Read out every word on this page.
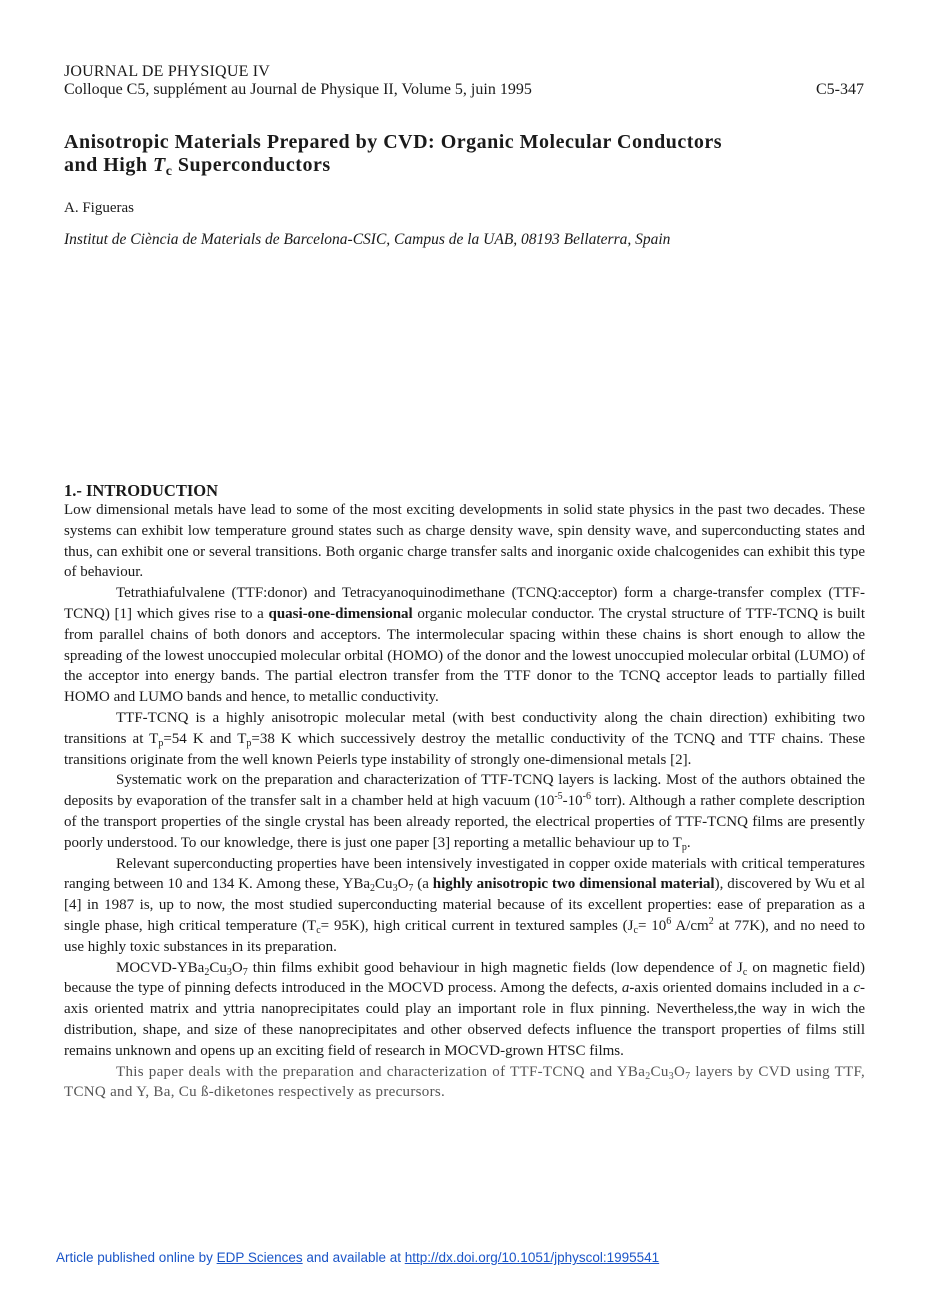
JOURNAL DE PHYSIQUE IV
Colloque C5, supplément au Journal de Physique II, Volume 5, juin 1995	C5-347
Anisotropic Materials Prepared by CVD: Organic Molecular Conductors
and High $T_c$ Superconductors
A. Figueras
Institut de Ciència de Materials de Barcelona-CSIC, Campus de la UAB, 08193 Bellaterra, Spain
1.- INTRODUCTION

Low dimensional metals have lead to some of the most exciting developments in solid state physics in the past two decades. These systems can exhibit low temperature ground states such as charge density wave, spin density wave, and superconducting states and thus, can exhibit one or several transitions. Both organic charge transfer salts and inorganic oxide chalcogenides can exhibit this type of behaviour.

Tetrathiafulvalene (TTF:donor) and Tetracyanoquinodimethane (TCNQ:acceptor) form a charge-transfer complex (TTF-TCNQ) [1] which gives rise to a quasi-one-dimensional organic molecular conductor. The crystal structure of TTF-TCNQ is built from parallel chains of both donors and acceptors. The intermolecular spacing within these chains is short enough to allow the spreading of the lowest unoccupied molecular orbital (HOMO) of the donor and the lowest unoccupied molecular orbital (LUMO) of the acceptor into energy bands. The partial electron transfer from the TTF donor to the TCNQ acceptor leads to partially filled HOMO and LUMO bands and hence, to metallic conductivity.

TTF-TCNQ is a highly anisotropic molecular metal (with best conductivity along the chain direction) exhibiting two transitions at $T_p=54$ K and $T_p=38$ K which successively destroy the metallic conductivity of the TCNQ and TTF chains. These transitions originate from the well known Peierls type instability of strongly one-dimensional metals [2].

Systematic work on the preparation and characterization of TTF-TCNQ layers is lacking. Most of the authors obtained the deposits by evaporation of the transfer salt in a chamber held at high vacuum ($10^{-5}-10^{-6}$ torr). Although a rather complete description of the transport properties of the single crystal has been already reported, the electrical properties of TTF-TCNQ films are presently poorly understood. To our knowledge, there is just one paper [3] reporting a metallic behaviour up to $T_p$.

Relevant superconducting properties have been intensively investigated in copper oxide materials with critical temperatures ranging between 10 and 134 K. Among these, $YBa_2Cu_3O_7$ (a highly anisotropic two dimensional material), discovered by Wu et al [4] in 1987 is, up to now, the most studied superconducting material because of its excellent properties: ease of preparation as a single phase, high critical temperature $(T_c= 95K)$, high critical current in textured samples ($J_c= 10^6$ $A/cm^2$ at 77K), and no need to use highly toxic substances in its preparation.

MOCVD-$YBa_2Cu_3O_7$ thin films exhibit good behaviour in high magnetic fields (low dependence of $J_c$ on magnetic field) because the type of pinning defects introduced in the MOCVD process. Among the defects, a-axis oriented domains included in a c-axis oriented matrix and yttria nanoprecipitates could play an important role in flux pinning. Nevertheless,the way in wich the distribution, shape, and size of these nanoprecipitates and other observed defects influence the transport properties of films still remains unknown and opens up an exciting field of research in MOCVD-grown HTSC films.

This paper deals with the preparation and characterization of TTF-TCNQ and $YBa_2Cu_3O_7$ layers by CVD using TTF, TCNQ and Y, Ba, Cu ß-diketones respectively as precursors.

Article published online by EDP Sciences and available at http://dx.doi.org/10.1051/jphyscol:1995541
